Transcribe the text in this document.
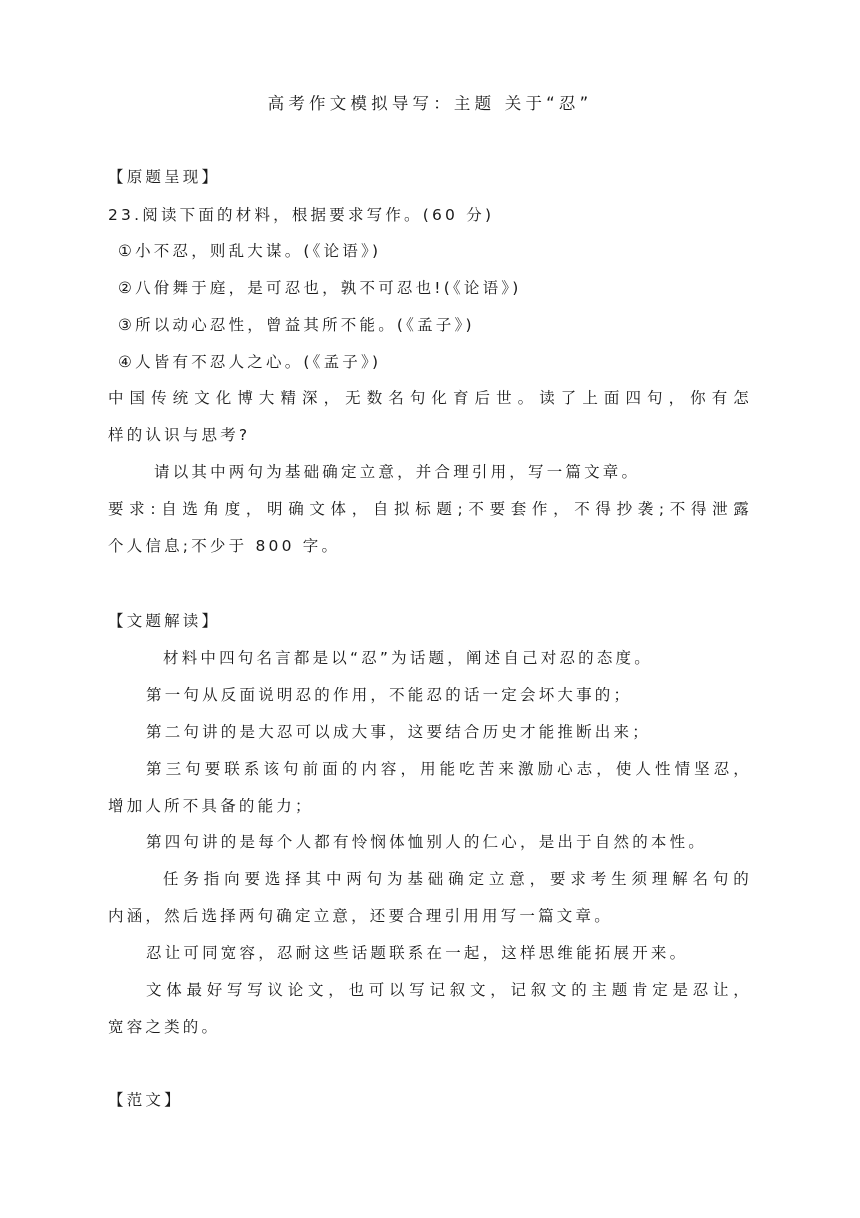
高考作文模拟导写：主题 关于“忍”
【原题呈现】
23.阅读下面的材料，根据要求写作。(60 分)
①小不忍，则乱大谋。(《论语》)
②八佾舞于庭，是可忍也，孰不可忍也!(《论语》)
③所以动心忍性，曾益其所不能。(《孟子》)
④人皆有不忍人之心。(《孟子》)
中国传统文化博大精深，无数名句化育后世。读了上面四句，你有怎
样的认识与思考?
请以其中两句为基础确定立意，并合理引用，写一篇文章。
要求:自选角度，明确文体，自拟标题;不要套作，不得抄袭;不得泄露
个人信息;不少于 800 字。
【文题解读】
材料中四句名言都是以“忍”为话题，阐述自己对忍的态度。
第一句从反面说明忍的作用，不能忍的话一定会坏大事的；
第二句讲的是大忍可以成大事，这要结合历史才能推断出来；
第三句要联系该句前面的内容，用能吃苦来激励心志，使人性情坚忍，
增加人所不具备的能力；
第四句讲的是每个人都有怜悯体恤别人的仁心，是出于自然的本性。
任务指向要选择其中两句为基础确定立意，要求考生须理解名句的
内涵，然后选择两句确定立意，还要合理引用用写一篇文章。
忍让可同宽容，忍耐这些话题联系在一起，这样思维能拓展开来。
文体最好写写议论文，也可以写记叙文，记叙文的主题肯定是忍让，
宽容之类的。
【范文】
